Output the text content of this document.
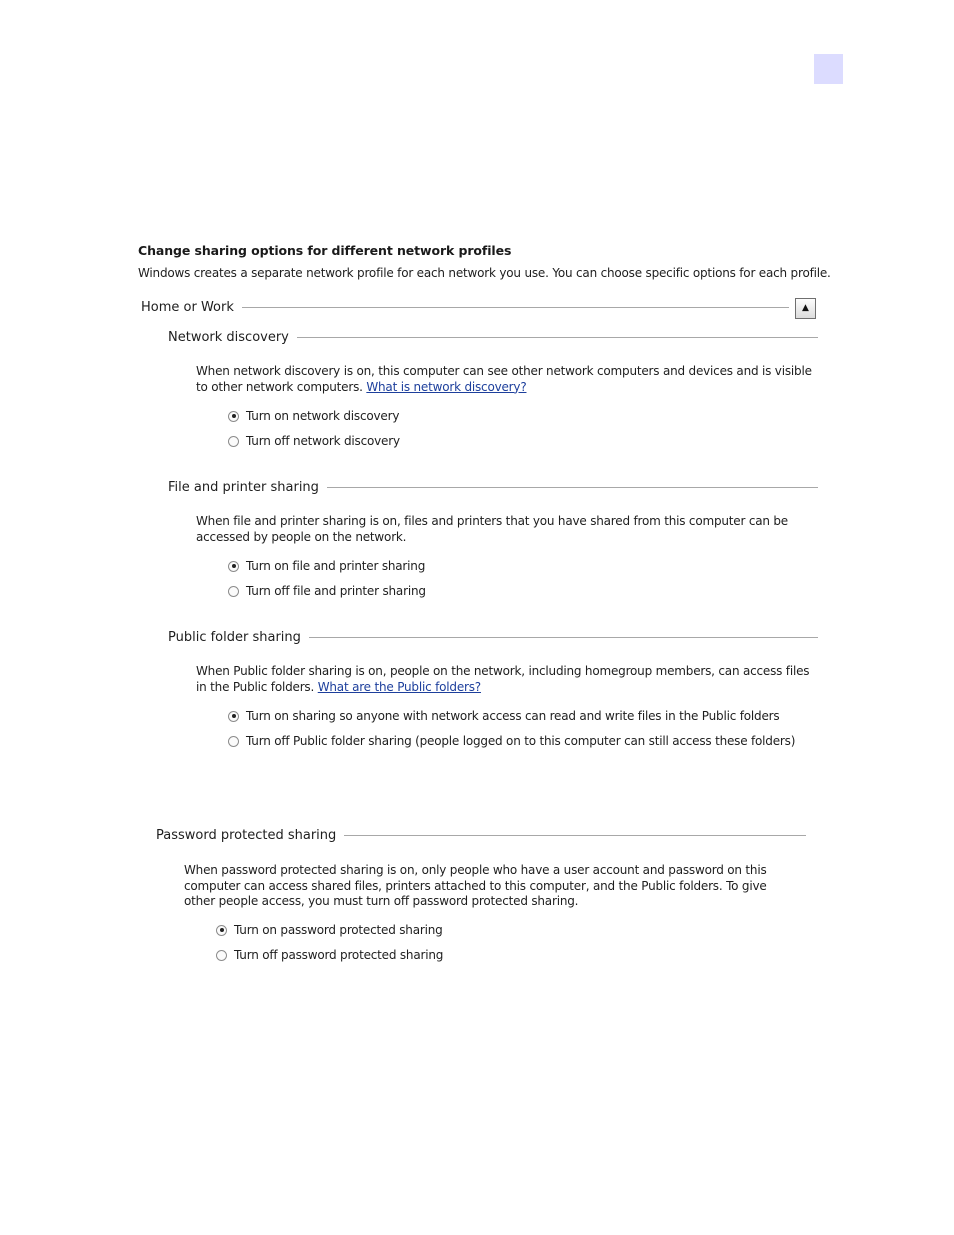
Change sharing options for different network profiles
Windows creates a separate network profile for each network you use. You can choose specific options for each profile.
Home or Work	▲
Network discovery
When network discovery is on, this computer can see other network computers and devices and is visible to other network computers. What is network discovery?
Turn on network discovery
Turn off network discovery
File and printer sharing
When file and printer sharing is on, files and printers that you have shared from this computer can be accessed by people on the network.
Turn on file and printer sharing
Turn off file and printer sharing
Public folder sharing
When Public folder sharing is on, people on the network, including homegroup members, can access files in the Public folders. What are the Public folders?
Turn on sharing so anyone with network access can read and write files in the Public folders
Turn off Public folder sharing (people logged on to this computer can still access these folders)
Password protected sharing
When password protected sharing is on, only people who have a user account and password on this computer can access shared files, printers attached to this computer, and the Public folders. To give other people access, you must turn off password protected sharing.
Turn on password protected sharing
Turn off password protected sharing
